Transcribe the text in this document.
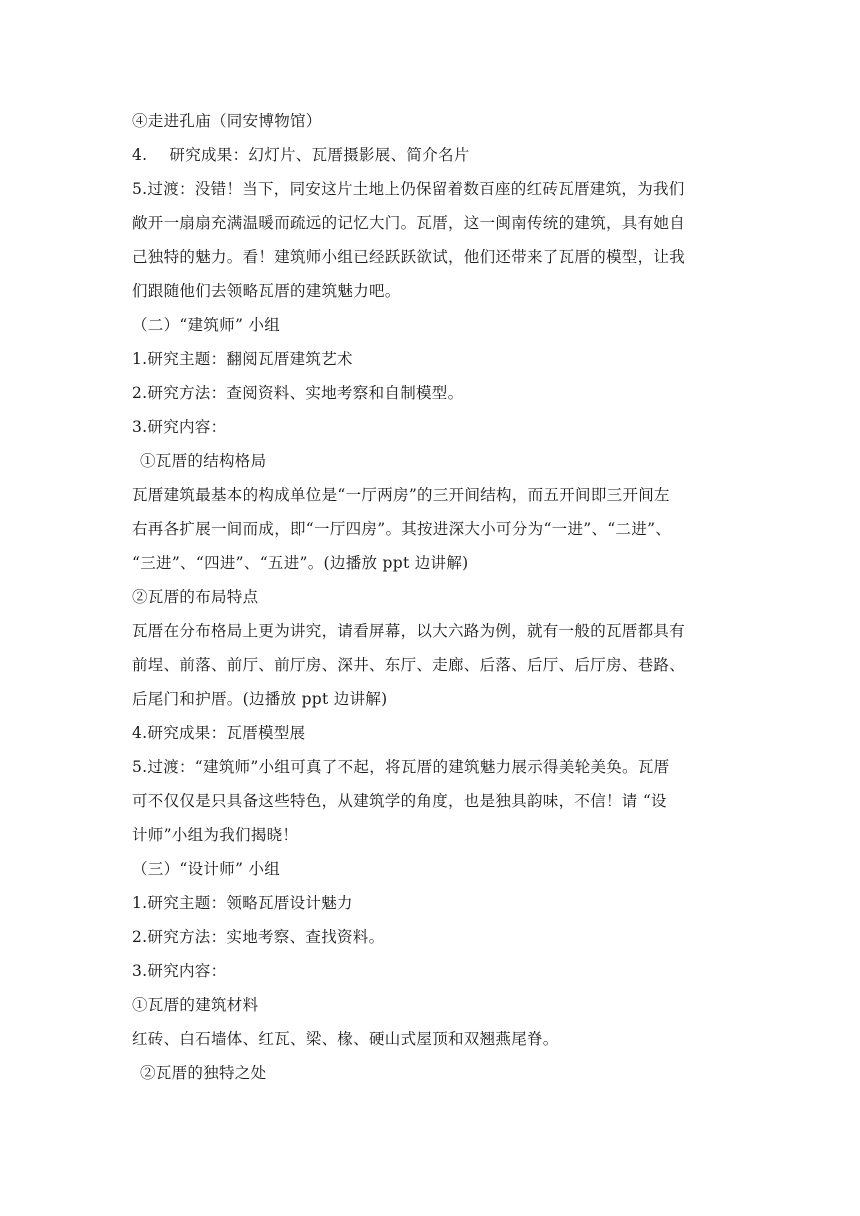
④走进孔庙（同安博物馆）
4. 研究成果：幻灯片、瓦厝摄影展、简介名片
5.过渡：没错！当下，同安这片土地上仍保留着数百座的红砖瓦厝建筑，为我们
敞开一扇扇充满温暖而疏远的记忆大门。瓦厝，这一闽南传统的建筑，具有她自
己独特的魅力。看！建筑师小组已经跃跃欲试，他们还带来了瓦厝的模型，让我
们跟随他们去领略瓦厝的建筑魅力吧。
（二）“建筑师” 小组
1.研究主题：翻阅瓦厝建筑艺术
2.研究方法：查阅资料、实地考察和自制模型。
3.研究内容：
①瓦厝的结构格局
瓦厝建筑最基本的构成单位是“一厅两房”的三开间结构，而五开间即三开间左
右再各扩展一间而成，即“一厅四房”。其按进深大小可分为“一进”、“二进”、
“三进”、“四进”、“五进”。(边播放 ppt 边讲解)
②瓦厝的布局特点
瓦厝在分布格局上更为讲究，请看屏幕，以大六路为例，就有一般的瓦厝都具有
前埕、前落、前厅、前厅房、深井、东厅、走廊、后落、后厅、后厅房、巷路、
后尾门和护厝。(边播放 ppt 边讲解)
4.研究成果：瓦厝模型展
5.过渡：“建筑师”小组可真了不起，将瓦厝的建筑魅力展示得美轮美奂。瓦厝
可不仅仅是只具备这些特色，从建筑学的角度，也是独具韵味，不信！请 “设
计师”小组为我们揭晓！
（三）“设计师” 小组
1.研究主题：领略瓦厝设计魅力
2.研究方法：实地考察、查找资料。
3.研究内容：
①瓦厝的建筑材料
红砖、白石墙体、红瓦、梁、椽、硬山式屋顶和双翘燕尾脊。
②瓦厝的独特之处
